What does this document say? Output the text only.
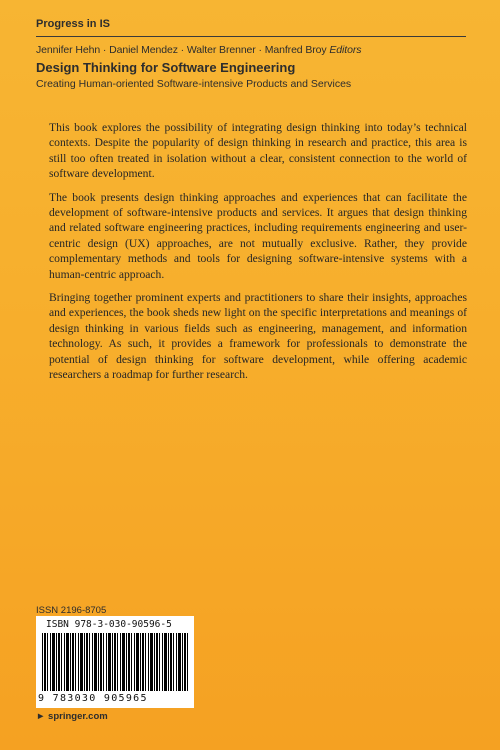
Progress in IS
Jennifer Hehn · Daniel Mendez · Walter Brenner · Manfred Broy Editors
Design Thinking for Software Engineering
Creating Human-oriented Software-intensive Products and Services

This book explores the possibility of integrating design thinking into today’s technical contexts. Despite the popularity of design thinking in research and practice, this area is still too often treated in isolation without a clear, consistent connection to the world of software development.

The book presents design thinking approaches and experiences that can facilitate the development of software-intensive products and services. It argues that design thinking and related software engineering practices, including requirements engineering and user-centric design (UX) approaches, are not mutually exclusive. Rather, they provide complementary methods and tools for designing software-intensive systems with a human-centric approach.

Bringing together prominent experts and practitioners to share their insights, approaches and experiences, the book sheds new light on the specific interpretations and meanings of design thinking in various fields such as engineering, management, and information technology. As such, it provides a framework for professionals to demonstrate the potential of design thinking for software development, while offering academic researchers a roadmap for further research.

ISSN 2196-8705
ISBN 978-3-030-90596-5
9 783030 905965
► springer.com
